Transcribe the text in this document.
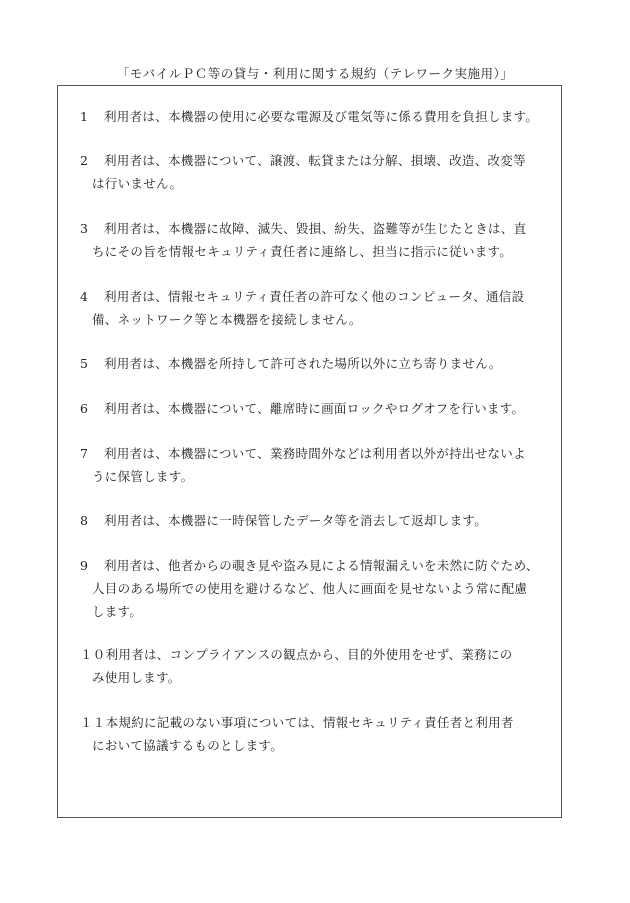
「モバイルＰＣ等の貸与・利用に関する規約（テレワーク実施用）」
1 利用者は、本機器の使用に必要な電源及び電気等に係る費用を負担します。
2 利用者は、本機器について、譲渡、転貸または分解、損壊、改造、改変等
は行いません。
3 利用者は、本機器に故障、滅失、毀損、紛失、盗難等が生じたときは、直
ちにその旨を情報セキュリティ責任者に連絡し、担当に指示に従います。
4 利用者は、情報セキュリティ責任者の許可なく他のコンピュータ、通信設
備、ネットワーク等と本機器を接続しません。
5 利用者は、本機器を所持して許可された場所以外に立ち寄りません。
6 利用者は、本機器について、離席時に画面ロックやログオフを行います。
7 利用者は、本機器について、業務時間外などは利用者以外が持出せないよ
うに保管します。
8 利用者は、本機器に一時保管したデータ等を消去して返却します。
9 利用者は、他者からの覗き見や盗み見による情報漏えいを未然に防ぐため、
人目のある場所での使用を避けるなど、他人に画面を見せないよう常に配慮
します。
１０利用者は、コンプライアンスの観点から、目的外使用をせず、業務にの
み使用します。
１１本規約に記載のない事項については、情報セキュリティ責任者と利用者
において協議するものとします。
